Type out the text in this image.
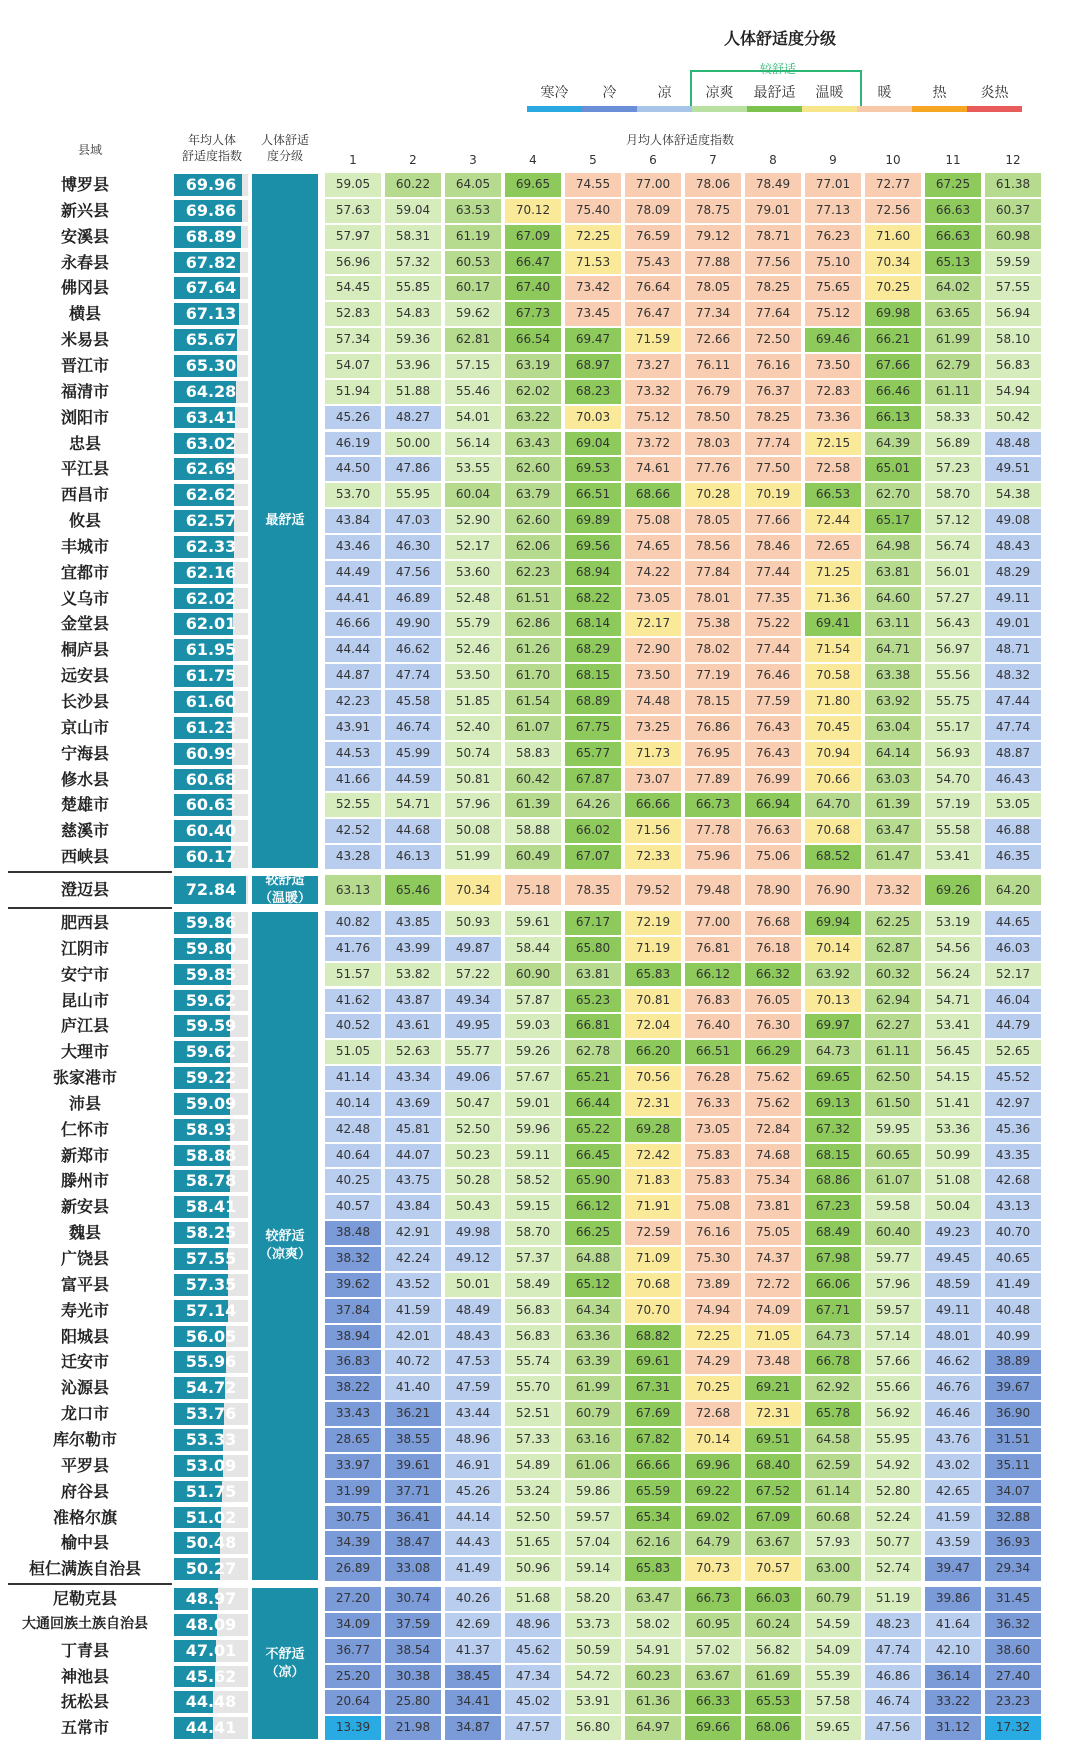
人体舒适度分级
较舒适
寒冷	冷	凉	凉爽	最舒适	温暖	暖	热	炎热
县域
年均人体
舒适度指数
人体舒适
度分级
月均人体舒适度指数
1	2	3	4	5	6	7	8	9	10	11	12
博罗县	69.96	59.05	60.22	64.05	69.65	74.55	77.00	78.06	78.49	77.01	72.77	67.25	61.38
新兴县	69.86	57.63	59.04	63.53	70.12	75.40	78.09	78.75	79.01	77.13	72.56	66.63	60.37
安溪县	68.89	57.97	58.31	61.19	67.09	72.25	76.59	79.12	78.71	76.23	71.60	66.63	60.98
永春县	67.82	56.96	57.32	60.53	66.47	71.53	75.43	77.88	77.56	75.10	70.34	65.13	59.59
佛冈县	67.64	54.45	55.85	60.17	67.40	73.42	76.64	78.05	78.25	75.65	70.25	64.02	57.55
横县	67.13	52.83	54.83	59.62	67.73	73.45	76.47	77.34	77.64	75.12	69.98	63.65	56.94
米易县	65.67	57.34	59.36	62.81	66.54	69.47	71.59	72.66	72.50	69.46	66.21	61.99	58.10
晋江市	65.30	54.07	53.96	57.15	63.19	68.97	73.27	76.11	76.16	73.50	67.66	62.79	56.83
福清市	64.28	51.94	51.88	55.46	62.02	68.23	73.32	76.79	76.37	72.83	66.46	61.11	54.94
浏阳市	63.41	45.26	48.27	54.01	63.22	70.03	75.12	78.50	78.25	73.36	66.13	58.33	50.42
忠县	63.02	46.19	50.00	56.14	63.43	69.04	73.72	78.03	77.74	72.15	64.39	56.89	48.48
平江县	62.69	44.50	47.86	53.55	62.60	69.53	74.61	77.76	77.50	72.58	65.01	57.23	49.51
西昌市	62.62	53.70	55.95	60.04	63.79	66.51	68.66	70.28	70.19	66.53	62.70	58.70	54.38
攸县	62.57	43.84	47.03	52.90	62.60	69.89	75.08	78.05	77.66	72.44	65.17	57.12	49.08
丰城市	62.33	43.46	46.30	52.17	62.06	69.56	74.65	78.56	78.46	72.65	64.98	56.74	48.43
宜都市	62.16	44.49	47.56	53.60	62.23	68.94	74.22	77.84	77.44	71.25	63.81	56.01	48.29
义乌市	62.02	44.41	46.89	52.48	61.51	68.22	73.05	78.01	77.35	71.36	64.60	57.27	49.11
金堂县	62.01	46.66	49.90	55.79	62.86	68.14	72.17	75.38	75.22	69.41	63.11	56.43	49.01
桐庐县	61.95	44.44	46.62	52.46	61.26	68.29	72.90	78.02	77.44	71.54	64.71	56.97	48.71
远安县	61.75	44.87	47.74	53.50	61.70	68.15	73.50	77.19	76.46	70.58	63.38	55.56	48.32
长沙县	61.60	42.23	45.58	51.85	61.54	68.89	74.48	78.15	77.59	71.80	63.92	55.75	47.44
京山市	61.23	43.91	46.74	52.40	61.07	67.75	73.25	76.86	76.43	70.45	63.04	55.17	47.74
宁海县	60.99	44.53	45.99	50.74	58.83	65.77	71.73	76.95	76.43	70.94	64.14	56.93	48.87
修水县	60.68	41.66	44.59	50.81	60.42	67.87	73.07	77.89	76.99	70.66	63.03	54.70	46.43
楚雄市	60.63	52.55	54.71	57.96	61.39	64.26	66.66	66.73	66.94	64.70	61.39	57.19	53.05
慈溪市	60.40	42.52	44.68	50.08	58.88	66.02	71.56	77.78	76.63	70.68	63.47	55.58	46.88
西峡县	60.17	43.28	46.13	51.99	60.49	67.07	72.33	75.96	75.06	68.52	61.47	53.41	46.35
最舒适
澄迈县	72.84	63.13	65.46	70.34	75.18	78.35	79.52	79.48	78.90	76.90	73.32	69.26	64.20
较舒适
（温暖）
肥西县	59.86	40.82	43.85	50.93	59.61	67.17	72.19	77.00	76.68	69.94	62.25	53.19	44.65
江阴市	59.80	41.76	43.99	49.87	58.44	65.80	71.19	76.81	76.18	70.14	62.87	54.56	46.03
安宁市	59.85	51.57	53.82	57.22	60.90	63.81	65.83	66.12	66.32	63.92	60.32	56.24	52.17
昆山市	59.62	41.62	43.87	49.34	57.87	65.23	70.81	76.83	76.05	70.13	62.94	54.71	46.04
庐江县	59.59	40.52	43.61	49.95	59.03	66.81	72.04	76.40	76.30	69.97	62.27	53.41	44.79
大理市	59.62	51.05	52.63	55.77	59.26	62.78	66.20	66.51	66.29	64.73	61.11	56.45	52.65
张家港市	59.22	41.14	43.34	49.06	57.67	65.21	70.56	76.28	75.62	69.65	62.50	54.15	45.52
沛县	59.09	40.14	43.69	50.47	59.01	66.44	72.31	76.33	75.62	69.13	61.50	51.41	42.97
仁怀市	58.93	42.48	45.81	52.50	59.96	65.22	69.28	73.05	72.84	67.32	59.95	53.36	45.36
新郑市	58.88	40.64	44.07	50.23	59.11	66.45	72.42	75.83	74.68	68.15	60.65	50.99	43.35
滕州市	58.78	40.25	43.75	50.28	58.52	65.90	71.83	75.83	75.34	68.86	61.07	51.08	42.68
新安县	58.41	40.57	43.84	50.43	59.15	66.12	71.91	75.08	73.81	67.23	59.58	50.04	43.13
魏县	58.25	38.48	42.91	49.98	58.70	66.25	72.59	76.16	75.05	68.49	60.40	49.23	40.70
广饶县	57.55	38.32	42.24	49.12	57.37	64.88	71.09	75.30	74.37	67.98	59.77	49.45	40.65
富平县	57.35	39.62	43.52	50.01	58.49	65.12	70.68	73.89	72.72	66.06	57.96	48.59	41.49
寿光市	57.14	37.84	41.59	48.49	56.83	64.34	70.70	74.94	74.09	67.71	59.57	49.11	40.48
阳城县	56.05	38.94	42.01	48.43	56.83	63.36	68.82	72.25	71.05	64.73	57.14	48.01	40.99
迁安市	55.96	36.83	40.72	47.53	55.74	63.39	69.61	74.29	73.48	66.78	57.66	46.62	38.89
沁源县	54.72	38.22	41.40	47.59	55.70	61.99	67.31	70.25	69.21	62.92	55.66	46.76	39.67
龙口市	53.76	33.43	36.21	43.44	52.51	60.79	67.69	72.68	72.31	65.78	56.92	46.46	36.90
库尔勒市	53.33	28.65	38.55	48.96	57.33	63.16	67.82	70.14	69.51	64.58	55.95	43.76	31.51
平罗县	53.09	33.97	39.61	46.91	54.89	61.06	66.66	69.96	68.40	62.59	54.92	43.02	35.11
府谷县	51.75	31.99	37.71	45.26	53.24	59.86	65.59	69.22	67.52	61.14	52.80	42.65	34.07
准格尔旗	51.02	30.75	36.41	44.14	52.50	59.57	65.34	69.02	67.09	60.68	52.24	41.59	32.88
榆中县	50.48	34.39	38.47	44.43	51.65	57.04	62.16	64.79	63.67	57.93	50.77	43.59	36.93
桓仁满族自治县	50.27	26.89	33.08	41.49	50.96	59.14	65.83	70.73	70.57	63.00	52.74	39.47	29.34
较舒适
（凉爽）
尼勒克县	48.97	27.20	30.74	40.26	51.68	58.20	63.47	66.73	66.03	60.79	51.19	39.86	31.45
大通回族土族自治县	48.09	34.09	37.59	42.69	48.96	53.73	58.02	60.95	60.24	54.59	48.23	41.64	36.32
丁青县	47.01	36.77	38.54	41.37	45.62	50.59	54.91	57.02	56.82	54.09	47.74	42.10	38.60
神池县	45.62	25.20	30.38	38.45	47.34	54.72	60.23	63.67	61.69	55.39	46.86	36.14	27.40
抚松县	44.48	20.64	25.80	34.41	45.02	53.91	61.36	66.33	65.53	57.58	46.74	33.22	23.23
五常市	44.41	13.39	21.98	34.87	47.57	56.80	64.97	69.66	68.06	59.65	47.56	31.12	17.32
不舒适
（凉）
